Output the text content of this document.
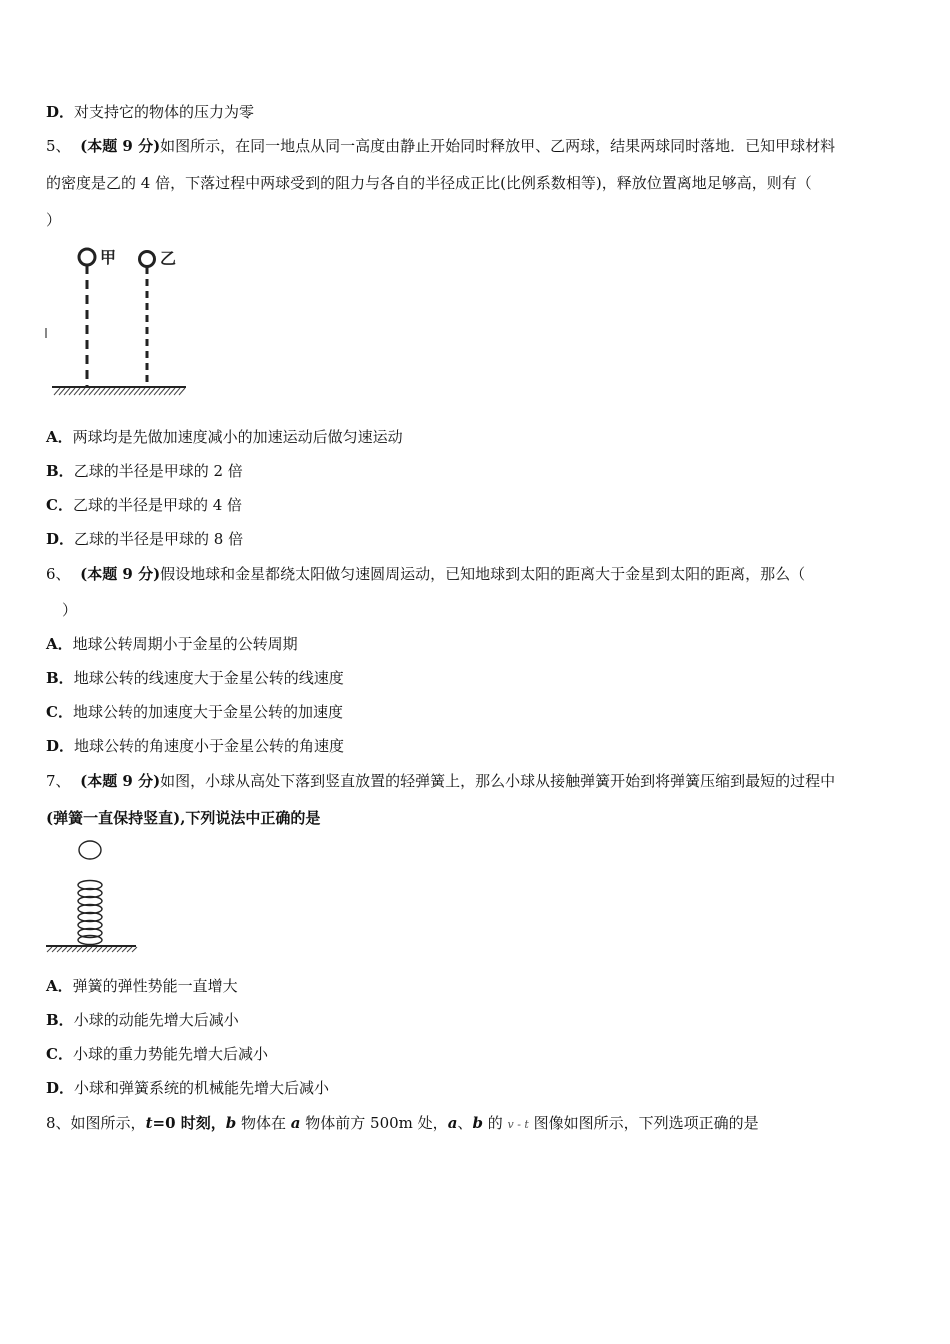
D．对支持它的物体的压力为零
5、 (本题 9 分)如图所示，在同一地点从同一高度由静止开始同时释放甲、乙两球，结果两球同时落地．已知甲球材料
的密度是乙的 4 倍，下落过程中两球受到的阻力与各自的半径成正比(比例系数相等)，释放位置离地足够高，则有（
）
甲	乙
A．两球均是先做加速度减小的加速运动后做匀速运动
B．乙球的半径是甲球的 2 倍
C．乙球的半径是甲球的 4 倍
D．乙球的半径是甲球的 8 倍
6、 (本题 9 分)假设地球和金星都绕太阳做匀速圆周运动，已知地球到太阳的距离大于金星到太阳的距离，那么（
）
A．地球公转周期小于金星的公转周期
B．地球公转的线速度大于金星公转的线速度
C．地球公转的加速度大于金星公转的加速度
D．地球公转的角速度小于金星公转的角速度
7、 (本题 9 分)如图，小球从高处下落到竖直放置的轻弹簧上，那么小球从接触弹簧开始到将弹簧压缩到最短的过程中
(弹簧一直保持竖直),下列说法中正确的是
A．弹簧的弹性势能一直增大
B．小球的动能先增大后减小
C．小球的重力势能先增大后减小
D．小球和弹簧系统的机械能先增大后减小
8、如图所示，t=0 时刻，b 物体在 a 物体前方 500m 处，a、b 的 v - t 图像如图所示，下列选项正确的是
